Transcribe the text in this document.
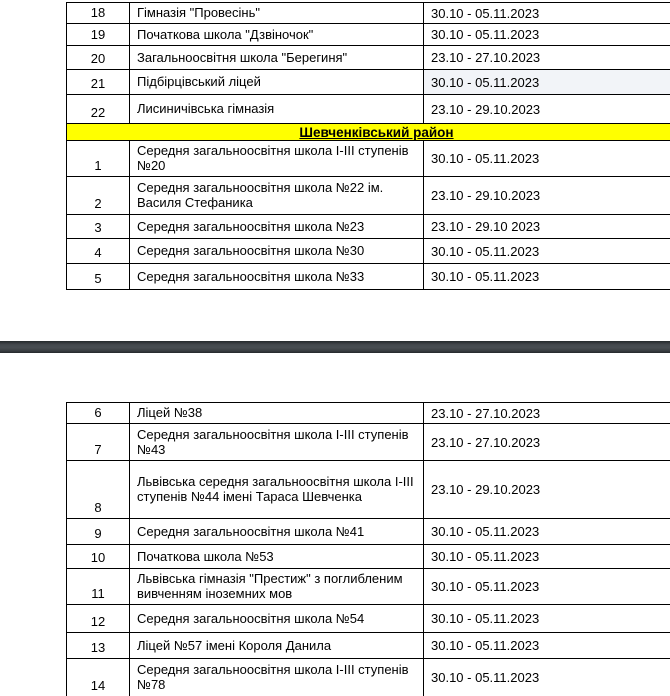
18	Гімназія "Провесінь"	30.10 - 05.11.2023
19	Початкова школа "Дзвіночок"	30.10 - 05.11.2023
20	Загальноосвітня школа "Берегиня"	23.10 - 27.10.2023
21	Підбірцівський ліцей	30.10 - 05.11.2023
22	Лисиничівська гімназія	23.10 - 29.10.2023
Шевченківський район		
1	Середня загальноосвітня школа І-ІІІ ступенів №20	30.10 - 05.11.2023
2	Середня загальноосвітня школа №22 ім. Василя Стефаника	23.10 - 29.10.2023
3	Середня загальноосвітня школа №23	23.10 - 29.10 2023
4	Середня загальноосвітня школа №30	30.10 - 05.11.2023
5	Середня загальноосвітня школа №33	30.10 - 05.11.2023
6	Ліцей №38	23.10 - 27.10.2023
7	Середня загальноосвітня школа І-ІІІ ступенів №43	23.10 - 27.10.2023
8	Львівська середня загальноосвітня школа І-ІІІ ступенів №44 імені Тараса Шевченка	23.10 - 29.10.2023
9	Середня загальноосвітня школа №41	30.10 - 05.11.2023
10	Початкова школа №53	30.10 - 05.11.2023
11	Львівська гімназія "Престиж" з поглибленим вивченням іноземних мов	30.10 - 05.11.2023
12	Середня загальноосвітня школа №54	30.10 - 05.11.2023
13	Ліцей №57 імені Короля Данила	30.10 - 05.11.2023
14	Середня загальноосвітня школа І-ІІІ ступенів №78	30.10 - 05.11.2023
